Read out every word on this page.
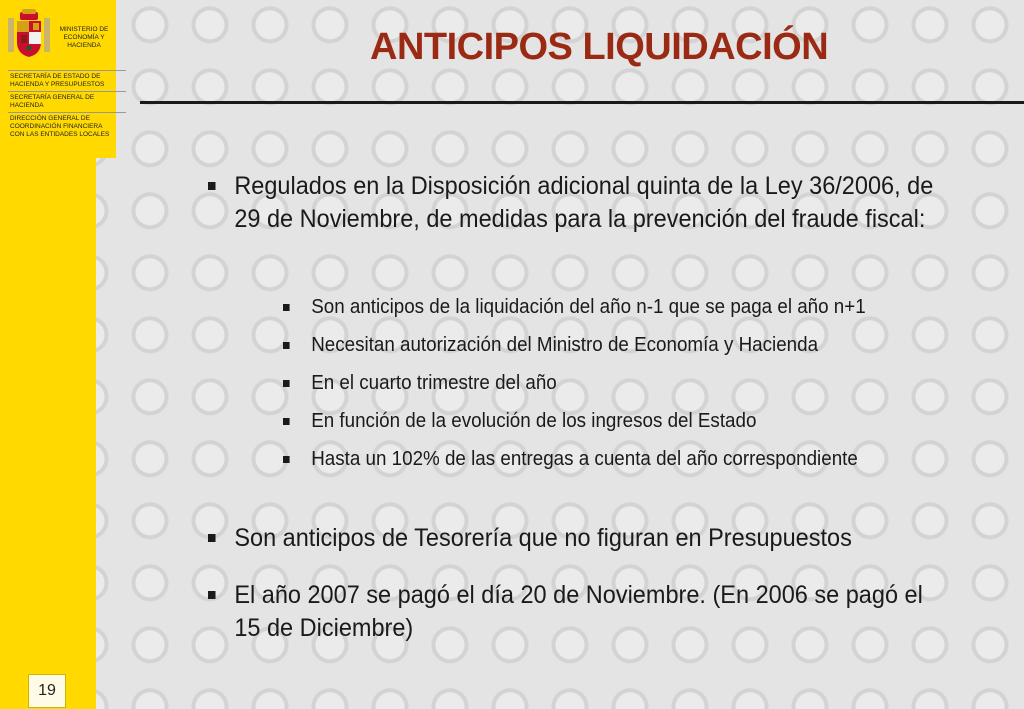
MINISTERIO DE ECONOMÍA Y HACIENDA
SECRETARÍA DE ESTADO DE HACIENDA Y PRESUPUESTOS
SECRETARÍA GENERAL DE HACIENDA
DIRECCIÓN GENERAL DE COORDINACIÓN FINANCIERA CON LAS ENTIDADES LOCALES
ANTICIPOS LIQUIDACIÓN
Regulados en la Disposición adicional quinta de la Ley 36/2006, de 29 de Noviembre, de medidas para la prevención del fraude fiscal:
Son anticipos de la liquidación del año n-1 que se paga el año n+1
Necesitan autorización del Ministro de Economía y Hacienda
En el cuarto trimestre del año
En función de la evolución de los ingresos del Estado
Hasta un 102% de las entregas a cuenta del año correspondiente
Son anticipos de Tesorería que no figuran en Presupuestos
El año 2007 se pagó el día 20 de Noviembre. (En 2006 se pagó el 15 de Diciembre)
19
